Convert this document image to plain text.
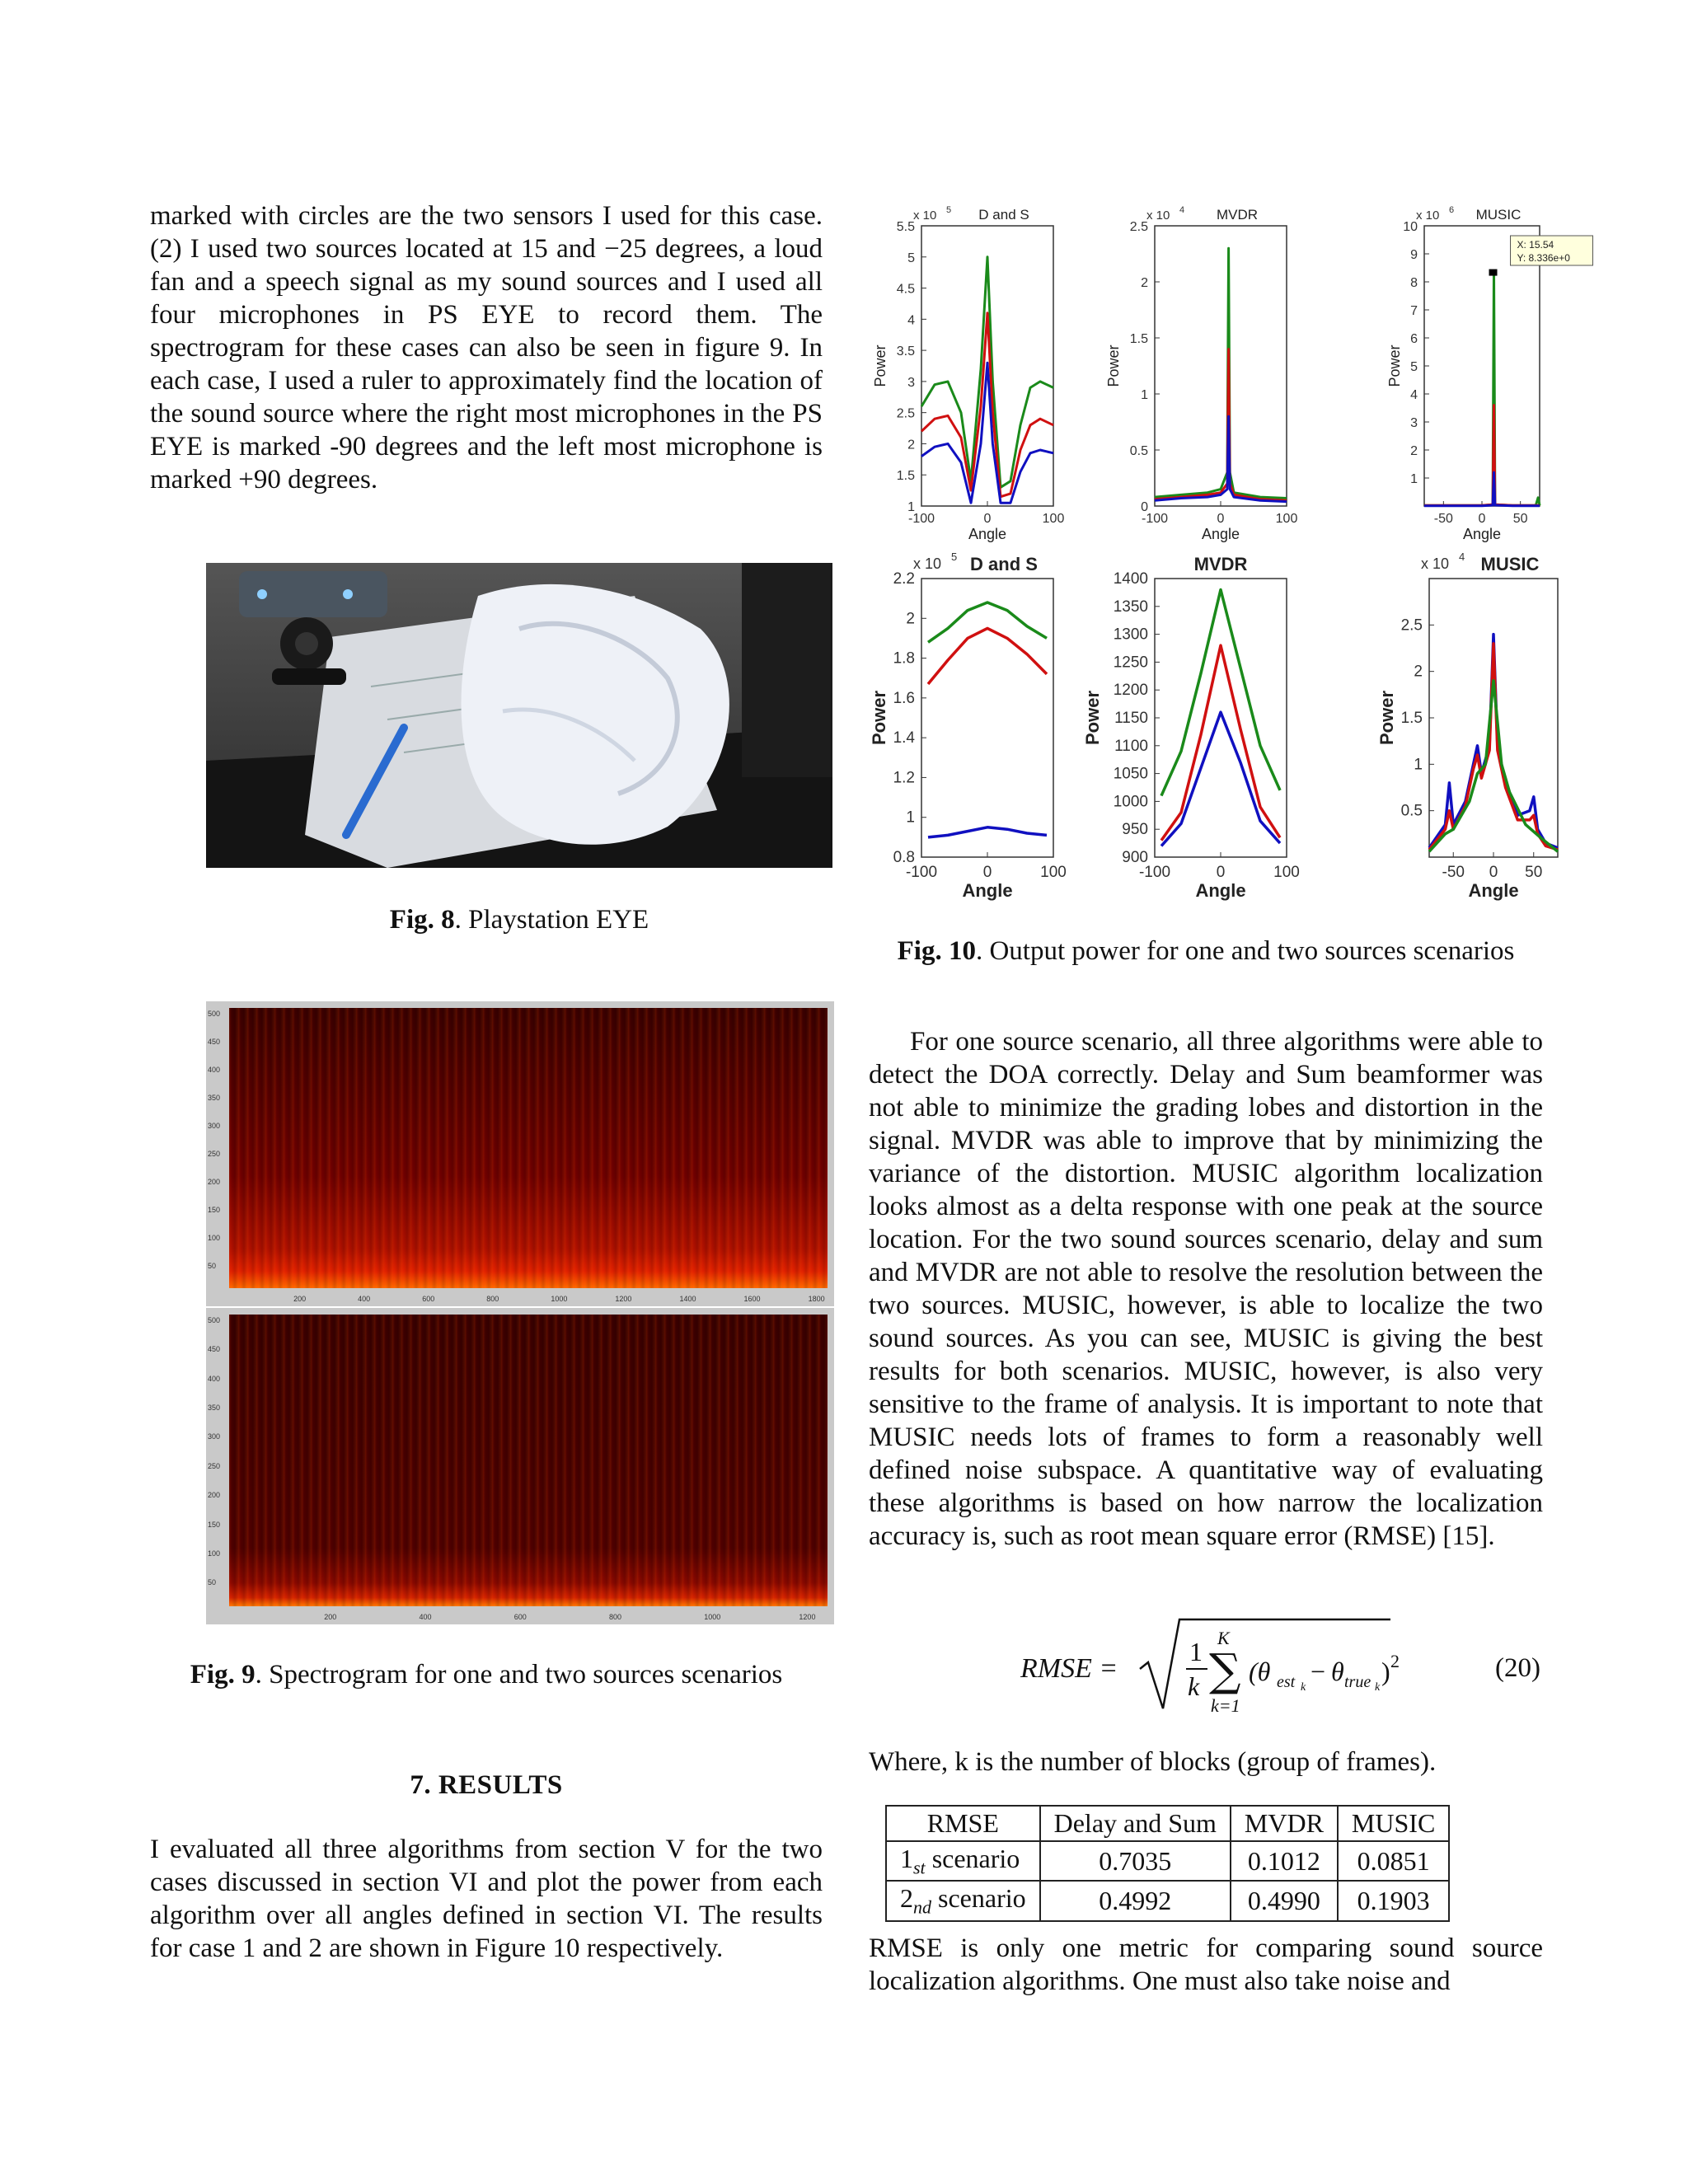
marked with circles are the two sensors I used for this case. (2) I used two sources located at 15 and −25 degrees, a loud fan and a speech signal as my sound sources and I used all four microphones in PS EYE to record them. The spectrogram for these cases can also be seen in figure 9. In each case, I used a ruler to approximately find the location of the sound source where the right most microphones in the PS EYE is marked -90 degrees and the left most microphone is marked +90 degrees.
Fig. 8. Playstation EYE
500
450
400
350
300
250
200
150
100
50
200	400	600	800	1000	1200	1400	1600	1800
500
450
400
350
300
250
200
150
100
50
200	400	600	800	1000	1200
Fig. 9. Spectrogram for one and two sources scenarios
7. RESULTS
I evaluated all three algorithms from section V for the two cases discussed in section VI and plot the power from each algorithm over all angles defined in section VI. The results for case 1 and 2 are shown in Figure 10 respectively.
5.5
5
4.5
4
3.5
3
2.5
2
1.5
1
-100	0	100
Angle
Power
x 10 5 D and S
2.5
2
1.5
1
0.5
0
-100	0	100
Angle
Power
x 10 4 MVDR
10
9
8
7
6
5
4
3
2
1
-50 0 50
Angle
Power
x 10 6 MUSIC
X: 15.54
Y: 8.336e+0
2.2
2
1.8
1.6
1.4
1.2
1
0.8
-100	0	100
Angle
Power
x 10 5 D and S
1400
1350
1300
1250
1200
1150
1100
1050
1000
950
900
-100	0	100
Angle
Power
MVDR
2.5
2
1.5
1
0.5
-50 0 50
Angle
Power
x 10 4 MUSIC
Fig. 10. Output power for one and two sources scenarios
For one source scenario, all three algorithms were able to detect the DOA correctly. Delay and Sum beamformer was not able to minimize the grading lobes and distortion in the signal. MVDR was able to improve that by minimizing the variance of the distortion. MUSIC algorithm localization looks almost as a delta response with one peak at the source location. For the two sound sources scenario, delay and sum and MVDR are not able to resolve the resolution between the two sources. MUSIC, however, is able to localize the two sound sources. As you can see, MUSIC is giving the best results for both scenarios. MUSIC, however, is also very sensitive to the frame of analysis. It is important to note that MUSIC needs lots of frames to form a reasonably well defined noise subspace. A quantitative way of evaluating these algorithms is based on how narrow the localization accuracy is, such as root mean square error (RMSE) [15].
RMSE =
1
k
K
∑
k=1
(θ est k
− θ true k
) 2	(20)
Where, k is the number of blocks (group of frames).
RMSE	Delay and Sum	MVDR	MUSIC
$1_{st}$ scenario	0.7035	0.1012	0.0851
$2_{nd}$ scenario	0.4992	0.4990	0.1903
RMSE is only one metric for comparing sound source localization algorithms. One must also take noise and
